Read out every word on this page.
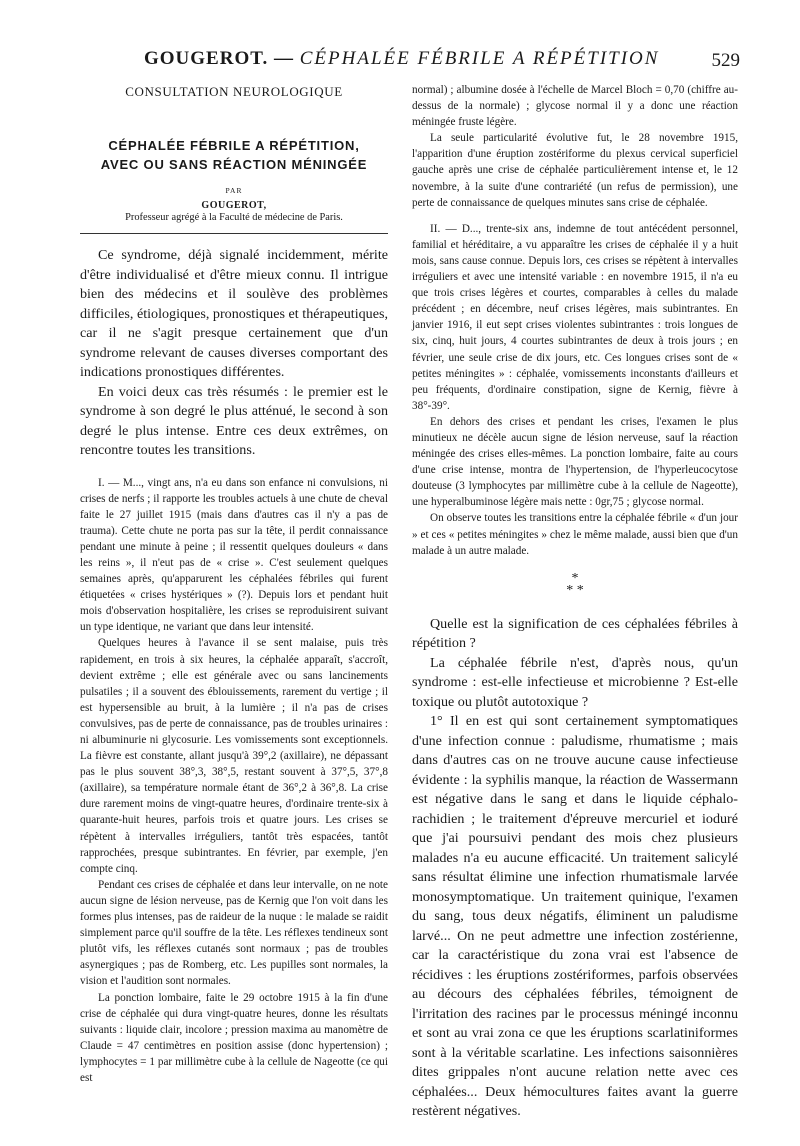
GOUGEROT. — CÉPHALÉE FÉBRILE A RÉPÉTITION	529
CONSULTATION NEUROLOGIQUE
CÉPHALÉE FÉBRILE A RÉPÉTITION,
AVEC OU SANS RÉACTION MÉNINGÉE
PAR
GOUGEROT,
Professeur agrégé à la Faculté de médecine de Paris.

Ce syndrome, déjà signalé incidemment, mérite d'être individualisé et d'être mieux connu. Il intrigue bien des médecins et il soulève des problèmes difficiles, étiologiques, pronostiques et thérapeutiques, car il ne s'agit presque certainement que d'un syndrome relevant de causes diverses comportant des indications pronostiques différentes.

En voici deux cas très résumés : le premier est le syndrome à son degré le plus atténué, le second à son degré le plus intense. Entre ces deux extrêmes, on rencontre toutes les transitions.

I. — M..., vingt ans, n'a eu dans son enfance ni convulsions, ni crises de nerfs ; il rapporte les troubles actuels à une chute de cheval faite le 27 juillet 1915 (mais dans d'autres cas il n'y a pas de trauma). Cette chute ne porta pas sur la tête, il perdit connaissance pendant une minute à peine ; il ressentit quelques douleurs « dans les reins », il n'eut pas de « crise ». C'est seulement quelques semaines après, qu'apparurent les céphalées fébriles qui furent étiquetées « crises hystériques » (?). Depuis lors et pendant huit mois d'observation hospitalière, les crises se reproduisirent suivant un type identique, ne variant que dans leur intensité.

Quelques heures à l'avance il se sent malaise, puis très rapidement, en trois à six heures, la céphalée apparaît, s'accroît, devient extrême ; elle est générale avec ou sans lancinements pulsatiles ; il a souvent des éblouissements, rarement du vertige ; il est hypersensible au bruit, à la lumière ; il n'a pas de crises convulsives, pas de perte de connaissance, pas de troubles urinaires : ni albuminurie ni glycosurie. Les vomissements sont exceptionnels. La fièvre est constante, allant jusqu'à 39°,2 (axillaire), ne dépassant pas le plus souvent 38°,3, 38°,5, restant souvent à 37°,5, 37°,8 (axillaire), sa température normale étant de 36°,2 à 36°,8. La crise dure rarement moins de vingt-quatre heures, d'ordinaire trente-six à quarante-huit heures, parfois trois et quatre jours. Les crises se répètent à intervalles irréguliers, tantôt très espacées, tantôt rapprochées, presque subintrantes. En février, par exemple, j'en compte cinq.

Pendant ces crises de céphalée et dans leur intervalle, on ne note aucun signe de lésion nerveuse, pas de Kernig que l'on voit dans les formes plus intenses, pas de raideur de la nuque : le malade se raidit simplement parce qu'il souffre de la tête. Les réflexes tendineux sont plutôt vifs, les réflexes cutanés sont normaux ; pas de troubles asynergiques ; pas de Romberg, etc. Les pupilles sont normales, la vision et l'audition sont normales.

La ponction lombaire, faite le 29 octobre 1915 à la fin d'une crise de céphalée qui dura vingt-quatre heures, donne les résultats suivants : liquide clair, incolore ; pression maxima au manomètre de Claude = 47 centimètres en position assise (donc hypertension) ; lymphocytes = 1 par millimètre cube à la cellule de Nageotte (ce qui est

normal) ; albumine dosée à l'échelle de Marcel Bloch = 0,70 (chiffre au-dessus de la normale) ; glycose normal il y a donc une réaction méningée fruste légère.

La seule particularité évolutive fut, le 28 novembre 1915, l'apparition d'une éruption zostériforme du plexus cervical superficiel gauche après une crise de céphalée particulièrement intense et, le 12 novembre, à la suite d'une contrariété (un refus de permission), une perte de connaissance de quelques minutes sans crise de céphalée.

II. — D..., trente-six ans, indemne de tout antécédent personnel, familial et héréditaire, a vu apparaître les crises de céphalée il y a huit mois, sans cause connue. Depuis lors, ces crises se répètent à intervalles irréguliers et avec une intensité variable : en novembre 1915, il n'a eu que trois crises légères et courtes, comparables à celles du malade précédent ; en décembre, neuf crises légères, mais subintrantes. En janvier 1916, il eut sept crises violentes subintrantes : trois longues de six, cinq, huit jours, 4 courtes subintrantes de deux à trois jours ; en février, une seule crise de dix jours, etc. Ces longues crises sont de « petites méningites » : céphalée, vomissements inconstants d'ailleurs et peu fréquents, d'ordinaire constipation, signe de Kernig, fièvre à 38°-39°.

En dehors des crises et pendant les crises, l'examen le plus minutieux ne décèle aucun signe de lésion nerveuse, sauf la réaction méningée des crises elles-mêmes. La ponction lombaire, faite au cours d'une crise intense, montra de l'hypertension, de l'hyperleucocytose douteuse (3 lymphocytes par millimètre cube à la cellule de Nageotte), une hyperalbuminose légère mais nette : 0gr,75 ; glycose normal.

On observe toutes les transitions entre la céphalée fébrile « d'un jour » et ces « petites méningites » chez le même malade, aussi bien que d'un malade à un autre malade.

*
* *

Quelle est la signification de ces céphalées fébriles à répétition ?

La céphalée fébrile n'est, d'après nous, qu'un syndrome : est-elle infectieuse et microbienne ? Est-elle toxique ou plutôt autotoxique ?

1° Il en est qui sont certainement symptomatiques d'une infection connue : paludisme, rhumatisme ; mais dans d'autres cas on ne trouve aucune cause infectieuse évidente : la syphilis manque, la réaction de Wassermann est négative dans le sang et dans le liquide céphalo-rachidien ; le traitement d'épreuve mercuriel et ioduré que j'ai poursuivi pendant des mois chez plusieurs malades n'a eu aucune efficacité. Un traitement salicylé sans résultat élimine une infection rhumatismale larvée monosymptomatique. Un traitement quinique, l'examen du sang, tous deux négatifs, éliminent un paludisme larvé... On ne peut admettre une infection zostérienne, car la caractéristique du zona vrai est l'absence de récidives : les éruptions zostériformes, parfois observées au décours des céphalées fébriles, témoignent de l'irritation des racines par le processus méningé inconnu et sont au vrai zona ce que les éruptions scarlatiniformes sont à la véritable scarlatine. Les infections saisonnières dites grippales n'ont aucune relation nette avec ces céphalées... Deux hémocultures faites avant la guerre restèrent négatives.
